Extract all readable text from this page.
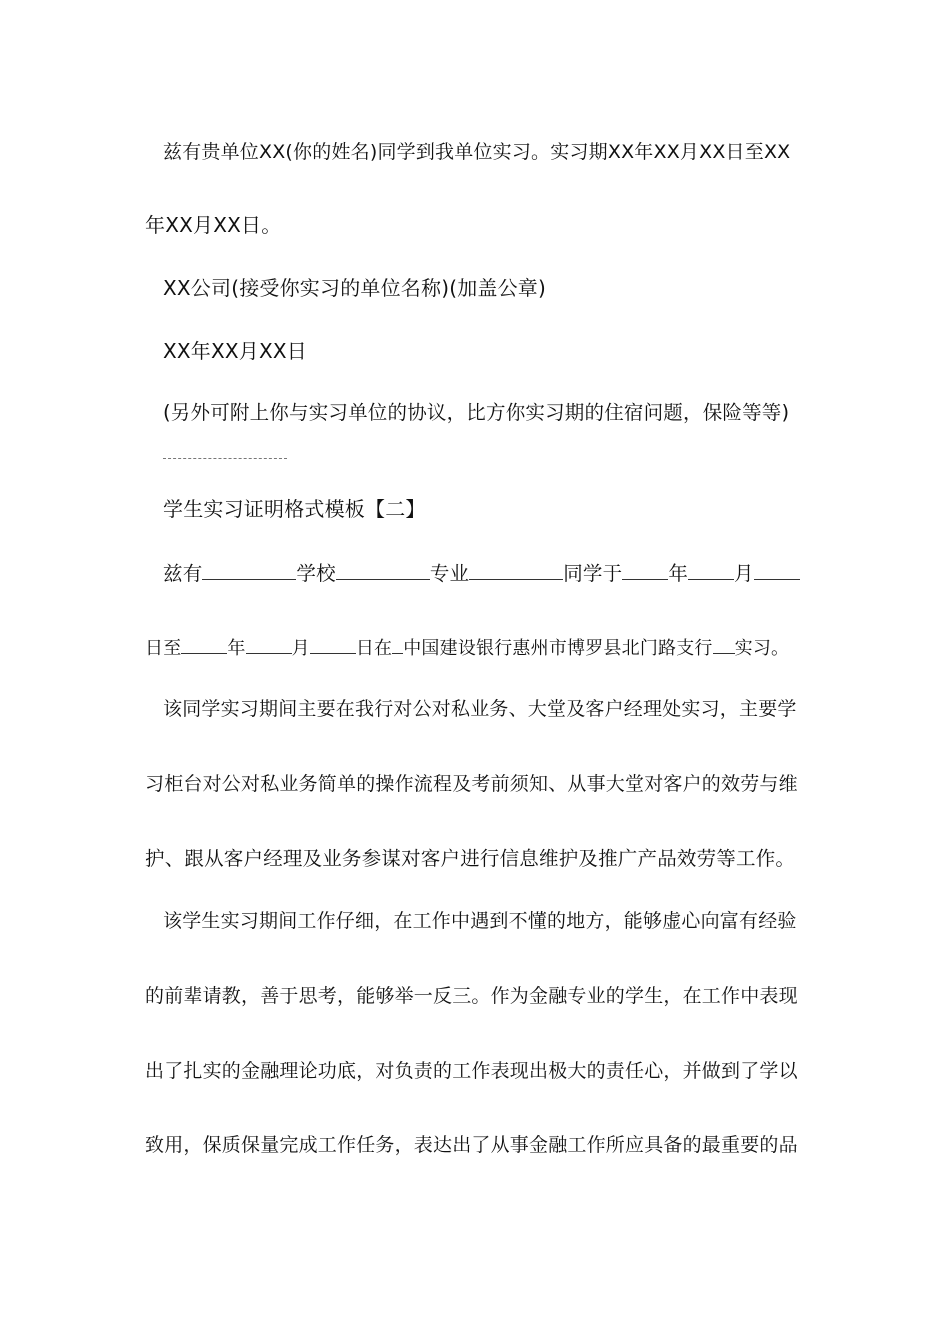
兹有贵单位XX(你的姓名)同学到我单位实习。实习期XX年XX月XX日至XX
年XX月XX日。
XX公司(接受你实习的单位名称)(加盖公章)
XX年XX月XX日
(另外可附上你与实习单位的协议，比方你实习期的住宿问题，保险等等)
学生实习证明格式模板【二】
兹有	学校	专业	同学于 年 月
日至	年	月	日在 中国建设银行惠州市博罗县北门路支行 实习。
该同学实习期间主要在我行对公对私业务、大堂及客户经理处实习，主要学
习柜台对公对私业务简单的操作流程及考前须知、从事大堂对客户的效劳与维
护、跟从客户经理及业务参谋对客户进行信息维护及推广产品效劳等工作。
该学生实习期间工作仔细，在工作中遇到不懂的地方，能够虚心向富有经验
的前辈请教，善于思考，能够举一反三。作为金融专业的学生，在工作中表现
出了扎实的金融理论功底，对负责的工作表现出极大的责任心，并做到了学以
致用，保质保量完成工作任务，表达出了从事金融工作所应具备的最重要的品
